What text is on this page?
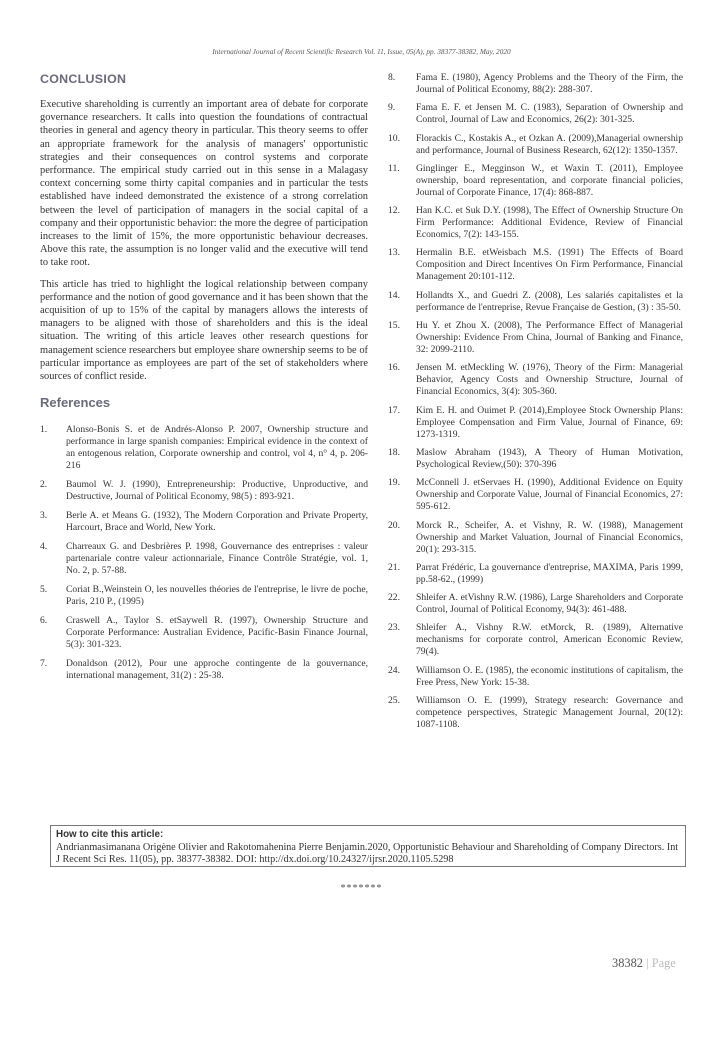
International Journal of Recent Scientific Research Vol. 11, Issue, 05(A), pp. 38377-38382, May, 2020
CONCLUSION

Executive shareholding is currently an important area of debate for corporate governance researchers. It calls into question the foundations of contractual theories in general and agency theory in particular. This theory seems to offer an appropriate framework for the analysis of managers' opportunistic strategies and their consequences on control systems and corporate performance. The empirical study carried out in this sense in a Malagasy context concerning some thirty capital companies and in particular the tests established have indeed demonstrated the existence of a strong correlation between the level of participation of managers in the social capital of a company and their opportunistic behavior: the more the degree of participation increases to the limit of 15%, the more opportunistic behaviour decreases. Above this rate, the assumption is no longer valid and the executive will tend to take root.

This article has tried to highlight the logical relationship between company performance and the notion of good governance and it has been shown that the acquisition of up to 15% of the capital by managers allows the interests of managers to be aligned with those of shareholders and this is the ideal situation. The writing of this article leaves other research questions for management science researchers but employee share ownership seems to be of particular importance as employees are part of the set of stakeholders where sources of conflict reside.

References
1. Alonso-Bonis S. et de Andrés-Alonso P. 2007, Ownership structure and performance in large spanish companies: Empirical evidence in the context of an entogenous relation, Corporate ownership and control, vol 4, n° 4, p. 206-216
2. Baumol W. J. (1990), Entrepreneurship: Productive, Unproductive, and Destructive, Journal of Political Economy, 98(5) : 893-921.
3. Berle A. et Means G. (1932), The Modern Corporation and Private Property, Harcourt, Brace and World, New York.
4. Charreaux G. and Desbrières P. 1998, Gouvernance des entreprises : valeur partenariale contre valeur actionnariale, Finance Contrôle Stratégie, vol. 1, No. 2, p. 57-88.
5. Coriat B.,Weinstein O, les nouvelles théories de l'entreprise, le livre de poche, Paris, 210 P., (1995)
6. Craswell A., Taylor S. etSaywell R. (1997), Ownership Structure and Corporate Performance: Australian Evidence, Pacific-Basin Finance Journal, 5(3): 301-323.
7. Donaldson (2012), Pour une approche contingente de la gouvernance, international management, 31(2) : 25-38.
8. Fama E. (1980), Agency Problems and the Theory of the Firm, the Journal of Political Economy, 88(2): 288-307.
9. Fama E. F. et Jensen M. C. (1983), Separation of Ownership and Control, Journal of Law and Economics, 26(2): 301-325.
10. Florackis C., Kostakis A., et Ozkan A. (2009),Managerial ownership and performance, Journal of Business Research, 62(12): 1350-1357.
11. Ginglinger E., Megginson W., et Waxin T. (2011), Employee ownership, board representation, and corporate financial policies, Journal of Corporate Finance, 17(4): 868-887.
12. Han K.C. et Suk D.Y. (1998), The Effect of Ownership Structure On Firm Performance: Additional Evidence, Review of Financial Economics, 7(2): 143-155.
13. Hermalin B.E. etWeisbach M.S. (1991) The Effects of Board Composition and Direct Incentives On Firm Performance, Financial Management 20:101-112.
14. Hollandts X., and Guedri Z. (2008), Les salariés capitalistes et la performance de l'entreprise, Revue Française de Gestion, (3) : 35-50.
15. Hu Y. et Zhou X. (2008), The Performance Effect of Managerial Ownership: Evidence From China, Journal of Banking and Finance, 32: 2099-2110.
16. Jensen M. etMeckling W. (1976), Theory of the Firm: Managerial Behavior, Agency Costs and Ownership Structure, Journal of Financial Economics, 3(4): 305-360.
17. Kim E. H. and Ouimet P. (2014),Employee Stock Ownership Plans: Employee Compensation and Firm Value, Journal of Finance, 69: 1273-1319.
18. Maslow Abraham (1943), A Theory of Human Motivation, Psychological Review,(50): 370-396
19. McConnell J. etServaes H. (1990), Additional Evidence on Equity Ownership and Corporate Value, Journal of Financial Economics, 27: 595-612.
20. Morck R., Scheifer, A. et Vishny, R. W. (1988), Management Ownership and Market Valuation, Journal of Financial Economics, 20(1): 293-315.
21. Parrat Frédéric, La gouvernance d'entreprise, MAXIMA, Paris 1999, pp.58-62., (1999)
22. Shleifer A. etVishny R.W. (1986), Large Shareholders and Corporate Control, Journal of Political Economy, 94(3): 461-488.
23. Shleifer A., Vishny R.W. etMorck, R. (1989), Alternative mechanisms for corporate control, American Economic Review, 79(4).
24. Williamson O. E. (1985), the economic institutions of capitalism, the Free Press, New York: 15-38.
25. Williamson O. E. (1999), Strategy research: Governance and competence perspectives, Strategic Management Journal, 20(12): 1087-1108.
How to cite this article:
Andrianmasimanana Origène Olivier and Rakotomahenina Pierre Benjamin.2020, Opportunistic Behaviour and Shareholding of Company Directors. Int J Recent Sci Res. 11(05), pp. 38377-38382. DOI: http://dx.doi.org/10.24327/ijrsr.2020.1105.5298
*******
38382 | Page
